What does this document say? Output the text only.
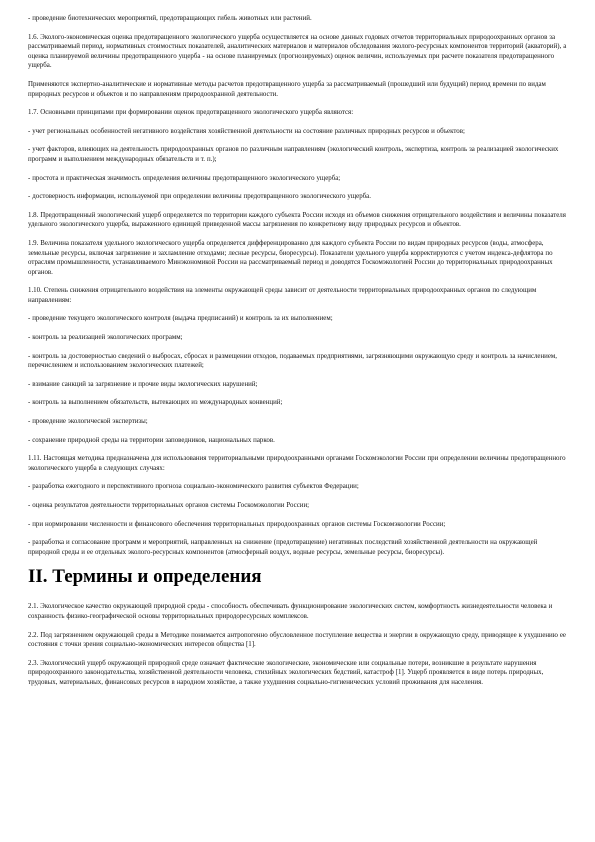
- проведение биотехнических мероприятий, предотвращающих гибель животных или растений.

1.6. Эколого-экономическая оценка предотвращенного экологического ущерба осуществляется на основе данных годовых отчетов территориальных природоохранных органов за рассматриваемый период, нормативных стоимостных показателей, аналитических материалов и материалов обследования эколого-ресурсных компонентов территорий (акваторий), а оценка планируемой величины предотвращенного ущерба - на основе планируемых (прогнозируемых) оценок величин, используемых при расчете показателя предотвращенного ущерба.

Применяются экспертно-аналитические и нормативные методы расчетов предотвращенного ущерба за рассматриваемый (прошедший или будущий) период времени по видам природных ресурсов и объектов и по направлениям природоохранной деятельности.

1.7. Основными принципами при формировании оценок предотвращенного экологического ущерба являются:

- учет региональных особенностей негативного воздействия хозяйственной деятельности на состояние различных природных ресурсов и объектов;

- учет факторов, влияющих на деятельность природоохранных органов по различным направлениям (экологический контроль, экспертиза, контроль за реализацией экологических программ и выполнением международных обязательств и т. п.);

- простота и практическая значимость определения величины предотвращенного экологического ущерба;

- достоверность информации, используемой при определении величины предотвращенного экологического ущерба.

1.8. Предотвращенный экологический ущерб определяется по территории каждого субъекта России исходя из объемов снижения отрицательного воздействия и величины показателя удельного экологического ущерба, выраженного единицей приведенной массы загрязнения по конкретному виду природных ресурсов и объектов.

1.9. Величина показателя удельного экологического ущерба определяется дифференцированно для каждого субъекта России по видам природных ресурсов (воды, атмосфера, земельные ресурсы, включая загрязнение и захламление отходами; лесные ресурсы, биоресурсы). Показатели удельного ущерба корректируются с учетом индекса-дефлятора по отраслям промышленности, устанавливаемого Минэкономикой России на рассматриваемый период и доводятся Госкомэкологией России до территориальных природоохранных органов.

1.10. Степень снижения отрицательного воздействия на элементы окружающей среды зависит от деятельности территориальных природоохранных органов по следующим направлениям:

- проведение текущего экологического контроля (выдача предписаний) и контроль за их выполнением;

- контроль за реализацией экологических программ;

- контроль за достоверностью сведений о выбросах, сбросах и размещении отходов, подаваемых предприятиями, загрязняющими окружающую среду и контроль за начислением, перечислением и использованием экологических платежей;

- взимание санкций за загрязнение и прочие виды экологических нарушений;

- контроль за выполнением обязательств, вытекающих из международных конвенций;

- проведение экологической экспертизы;

- сохранение природной среды на территории заповедников, национальных парков.

1.11. Настоящая методика предназначена для использования территориальными природоохранными органами Госкомэкологии России при определении величины предотвращенного экологического ущерба в следующих случаях:

- разработка ежегодного и перспективного прогноза социально-экономического развития субъектов Федерации;

- оценка результатов деятельности территориальных органов системы Госкомэкологии России;

- при нормировании численности и финансового обеспечения территориальных природоохранных органов системы Госкомэкологии России;

- разработка и согласование программ и мероприятий, направленных на снижение (предотвращение) негативных последствий хозяйственной деятельности на окружающей природной среды и ее отдельных эколого-ресурсных компонентов (атмосферный воздух, водные ресурсы, земельные ресурсы, биоресурсы).

II. Термины и определения

2.1. Экологическое качество окружающей природной среды - способность обеспечивать функционирование экологических систем, комфортность жизнедеятельности человека и сохранность физико-географической основы территориальных природоресурсных комплексов.

2.2. Под загрязнением окружающей среды в Методике понимается антропогенно обусловленное поступление вещества и энергии в окружающую среду, приводящее к ухудшению ее состояния с точки зрения социально-экономических интересов общества [1].

2.3. Экологический ущерб окружающей природной среде означает фактические экологические, экономические или социальные потери, возникшие в результате нарушения природоохранного законодательства, хозяйственной деятельности человека, стихийных экологических бедствий, катастроф [1]. Ущерб проявляется в виде потерь природных, трудовых, материальных, финансовых ресурсов в народном хозяйстве, а также ухудшения социально-гигиенических условий проживания для населения.
